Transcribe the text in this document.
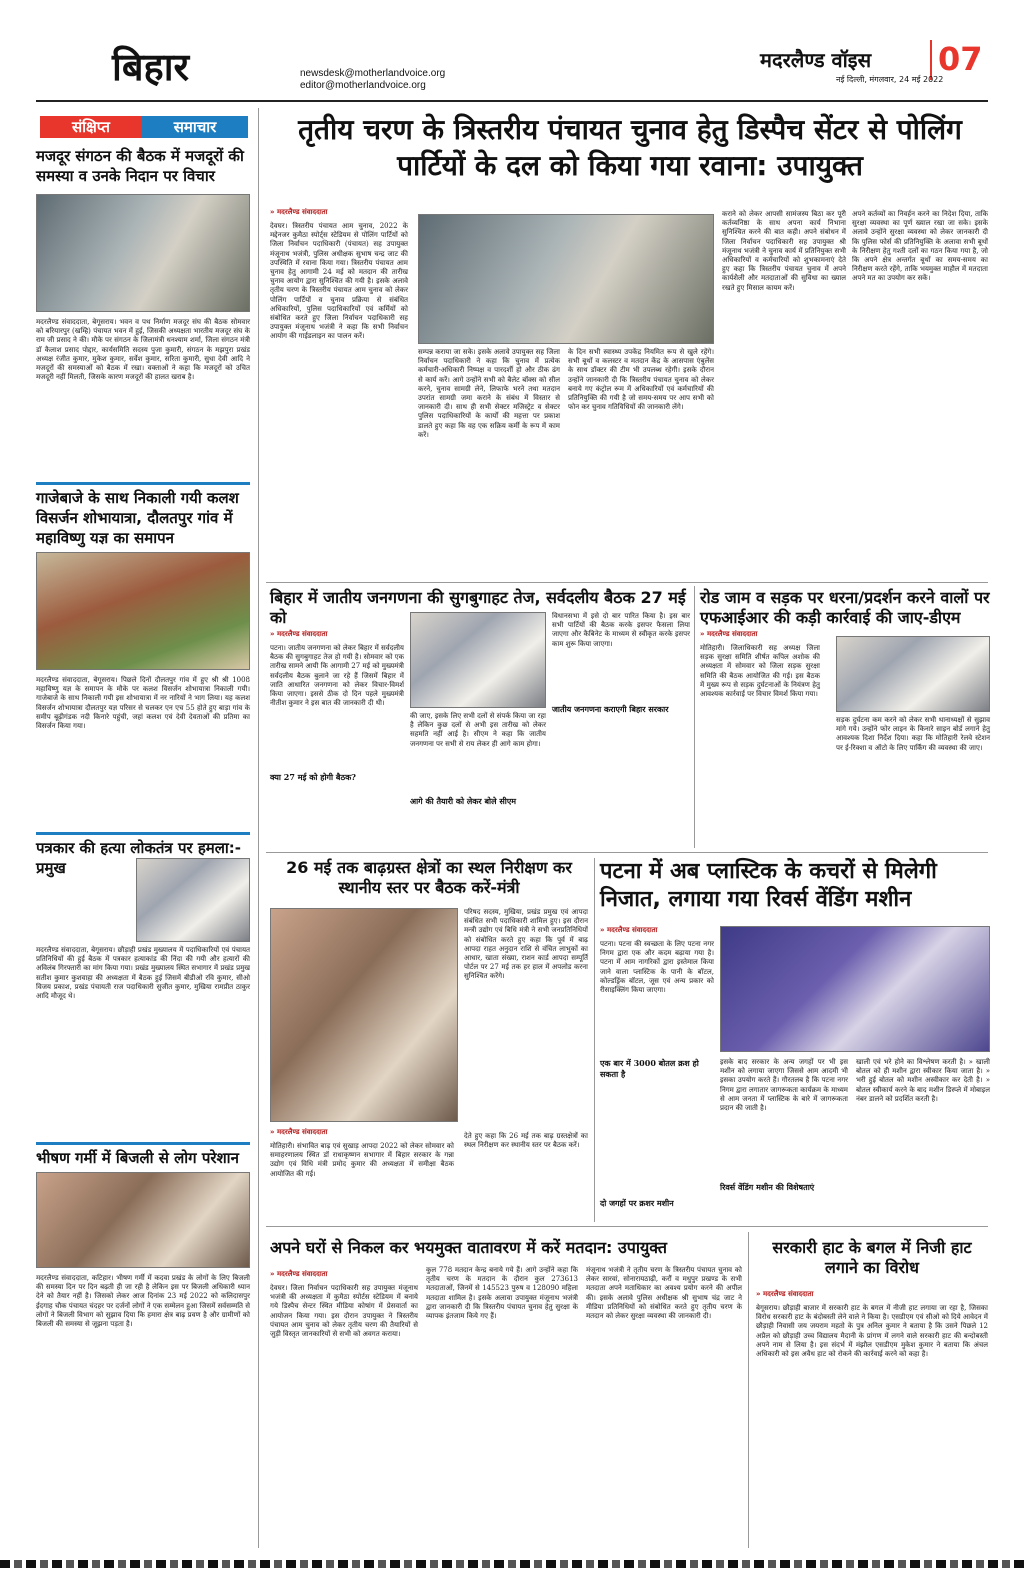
बिहार	newsdesk@motherlandvoice.org
editor@motherlandvoice.org
मदरलैण्ड वॉइस 07
नई दिल्ली, मंगलवार, 24 मई 2022
संक्षिप्त	समाचार
मजदूर संगठन की बैठक में मजदूरों की समस्या व उनके निदान पर विचार
मदरलैण्ड संवाददाता, बेगूसराय। भवन व पथ निर्माण मजदूर संघ की बैठक सोमवार को बरियारपुर (खम्हि) पंचायत भवन में हुई, जिसकी अध्यक्षता भारतीय मजदूर संघ के राम जी प्रसाद ने की। मौके पर संगठन के जिलामंत्री धनश्याम शर्मा, जिला संगठन मंत्री डॉ कैलाश प्रसाद पोद्दार, कार्यसमिति सदस्य पुजा कुमारी, संगठन के मझपुरा प्रखंड अध्यक्ष रंजीत कुमार, मुकेश कुमार, सर्वेश कुमार, सरिता कुमारी, सुधा देवी आदि ने मजदूरों की समस्याओं को बैठक में रखा। वक्ताओं ने कहा कि मजदूरों को उचित मजदूरी नहीं मिलती, जिसके कारण मजदूरों की हालत खराब है।
गाजेबाजे के साथ निकाली गयी कलश विसर्जन शोभायात्रा, दौलतपुर गांव में महाविष्णु यज्ञ का समापन
मदरलैण्ड संवाददाता, बेगूसराय। पिछले दिनों दौलतपुर गांव में हुए श्री श्री 1008 महाविष्णु यज्ञ के समापन के मौके पर कलश विसर्जन शोभायात्रा निकाली गयी। गाजेबाजे के साथ निकाली गयी इस शोभायात्रा में नर नारियों ने भाग लिया। यह कलश विसर्जन शोभायात्रा दौलतपुर यज्ञ परिसर से चलकर एन एच 55 होते हुए बाड़ा गांव के समीप बूढ़ीगंडक नदी किनारे पहुंची, जहां कलश एवं देवी देवताओं की प्रतिमा का विसर्जन किया गया।
पत्रकार की हत्या लोकतंत्र पर हमला:- प्रमुख
मदरलैण्ड संवाददाता, बेगूसराय। छौड़ाही प्रखंड मुख्यालय में पदाधिकारियों एवं पंचायत प्रतिनिधियों की हुई बैठक में पत्रकार हत्याकांड की निंदा की गयी और हत्यारों की अविलंब गिरफ्तारी का मांग किया गया। प्रखंड मुख्यालय स्थित सभागार में प्रखंड प्रमुख सतीश कुमार कुशवाहा की अध्यक्षता में बैठक हुई जिसमें बीडीओ रवि कुमार, सीओ विजय प्रकाश, प्रखंड पंचायती राज पदाधिकारी सुजीत कुमार, मुखिया रामप्रीत ठाकुर आदि मौजूद थे।
भीषण गर्मी में बिजली से लोग परेशान
मदरलैण्ड संवाददाता, कटिहार। भीषण गर्मी में कदवा प्रखंड के लोगों के लिए बिजली की समस्या दिन पर दिन बढ़ती ही जा रही है लेकिन इस पर बिजली अधिकारी ध्यान देने को तैयार नहीं है। जिसको लेकर आज दिनांक 23 मई 2022 को कलिदासपुर ईदगाह चौक पंचायत चंदहर पर दर्जनों लोगों ने एक सम्मेलन हुआ जिसमें सर्वसम्मति से लोगों ने बिजली विभाग को सुझाव दिया कि हमारा क्षेत्र बाढ़ प्रवण है और ग्रामीणों को बिजली की समस्या से जूझना पड़ता है।
तृतीय चरण के त्रिस्तरीय पंचायत चुनाव हेतु डिस्पैच सेंटर से पोलिंग पार्टियों के दल को किया गया रवाना: उपायुक्त
» मदरलैण्ड संवाददाता
देवघर। त्रिस्तरीय पंचायत आम चुनाव, 2022 के मद्देनजर कुमैठा स्पोर्ट्स स्टेडियम से पोलिंग पार्टियों को जिला निर्वाचन पदाधिकारी (पंचायत) सह उपायुक्त मंजूनाथ भजंत्री, पुलिस अधीक्षक सुभाष चन्द्र जाट की उपस्थिति में रवाना किया गया। त्रिस्तरीय पंचायत आम चुनाव हेतु आगामी 24 मई को मतदान की तारीख चुनाव आयोग द्वारा सुनिश्चित की गयी है। इसके अलावे तृतीय चरण के त्रिस्तरीय पंचायत आम चुनाव को लेकर पोलिंग पार्टियों व चुनाव प्रक्रिया से संबंधित अधिकारियों, पुलिस पदाधिकारियों एवं कर्मियों को संबोधित करते हुए जिला निर्वाचन पदाधिकारी सह उपायुक्त मंजूनाथ भजंत्री ने कहा कि सभी निर्वाचन आयोग की गाईडलाइन का पालन करें।
सम्पन्न कराया जा सके। इसके अलावे उपायुक्त सह जिला निर्वाचन पदाधिकारी ने कहा कि चुनाव में प्रत्येक कर्मचारी-अधिकारी निष्पक्ष व पारदर्शी हो और ठीक ढंग से कार्य करें। आगे उन्होंने सभी को बैलेट बॉक्स को सील करने, चुनाव सामग्री लेने, लिफाफे भरने तथा मतदान उपरांत सामग्री जमा कराने के संबंध में विस्तार से जानकारी दी। साथ ही सभी सेक्टर मजिस्ट्रेट व सेक्टर पुलिस पदाधिकारियों के कार्यों की महत्ता पर प्रकाश डालते हुए कहा कि वह एक सक्रिय कर्मी के रूप में काम करें।
के दिन सभी स्वास्थ्य उपकेंद्र नियमित रूप से खुले रहेंगे। सभी बूथों व कलस्टर व मतदान केंद्र के आसपास एंबुलेंस के साथ डॉक्टर की टीम भी उपलब्ध रहेगी। इसके दौरान उन्होंने जानकारी दी कि त्रिस्तरीय पंचायत चुनाव को लेकर बनाये गए कंट्रोल रूम में अधिकारियों एवं कर्मचारियों की प्रतिनियुक्ति की गयी है जो समय-समय पर आप सभी को फोन कर चुनाव गतिविधियों की जानकारी लेंगे।
कराने को लेकर आपसी सामंजस्य बिठा कर पूरी कर्तव्यनिष्ठा के साथ अपना कार्य निभाना सुनिश्चित करने की बात कही। अपने संबोधन में जिला निर्वाचन पदाधिकारी सह उपायुक्त श्री मंजूनाथ भजंत्री ने चुनाव कार्य में प्रतिनियुक्त सभी अधिकारियों व कर्मचारियों को शुभकामनाएं देते हुए कहा कि त्रिस्तरीय पंचायत चुनाव में अपने कार्यशैली और मतदाताओं की सुविधा का ख्याल रखते हुए मिसाल कायम करें।
अपने कर्तव्यों का निवर्हन करने का निदेश दिया, ताकि सुरक्षा व्यवस्था का पूर्ण ख्याल रखा जा सके। इसके अलावे उन्होंने सुरक्षा व्यवस्था को लेकर जानकारी दी कि पुलिस फोर्स की प्रतिनियुक्ति के अलावा सभी बूथों के निरीक्षण हेतु गश्ती दलों का गठन किया गया है, जो कि अपने क्षेत्र अन्तर्गत बूथों का समय-समय का निरीक्षण करते रहेंगे, ताकि भयमुक्त माहौल में मतदाता अपने मत का उपयोग कर सकें।
बिहार में जातीय जनगणना की सुगबुगाहट तेज, सर्वदलीय बैठक 27 मई को
» मदरलैण्ड संवाददाता
पटना। जातीय जनगणना को लेकर बिहार में सर्वदलीय बैठक की सुगबुगाहट तेज हो गयी है। सोमवार को एक तारीख सामने आयी कि आगामी 27 मई को मुख्यमंत्री सर्वदलीय बैठक बुलाने जा रहे हैं जिसमें बिहार में जाति आधारित जनगणना को लेकर विचार-विमर्श किया जाएगा। इससे ठीक दो दिन पहले मुख्यमंत्री नीतीश कुमार ने इस बात की जानकारी दी थी।
क्या 27 मई को होगी बैठक?
की जाए, इसके लिए सभी दलों से संपर्क किया जा रहा है लेकिन कुछ दलों से अभी इस तारीख को लेकर सहमति नहीं आई है। सीएम ने कहा कि जातीय जनगणना पर सभी से राय लेकर ही आगे काम होगा।
आगे की तैयारी को लेकर बोले सीएम
विधानसभा में इसे दो बार पारित किया है। इस बार सभी पार्टियों की बैठक करके इसपर फैसला लिया जाएगा और कैबिनेट के माध्यम से स्वीकृत करके इसपर काम शुरू किया जाएगा।
जातीय जनगणना कराएगी बिहार सरकार
रोड जाम व सड़क पर धरना/प्रदर्शन करने वालों पर एफआईआर की कड़ी कार्रवाई की जाए-डीएम
» मदरलैण्ड संवाददाता
मोतिहारी। जिलाधिकारी सह अध्यक्ष जिला सड़क सुरक्षा समिति शीर्षत कपिल अशोक की अध्यक्षता में सोमवार को जिला सड़क सुरक्षा समिति की बैठक आयोजित की गई। इस बैठक में मुख्य रूप से सड़क दुर्घटनाओं के नियंत्रण हेतु आवश्यक कार्रवाई पर विचार विमर्श किया गया।
सड़क दुर्घटना कम करने को लेकर सभी थानाध्यक्षों से सुझाव मांगे गये। उन्होंने फोर लाइन के किनारे साइन बोर्ड लगाने हेतु आवश्यक दिशा निर्देश दिया। कहा कि मोतिहारी रेलवे स्टेशन पर ई-रिक्शा व ऑटो के लिए पार्किंग की व्यवस्था की जाए।
26 मई तक बाढ़ग्रस्त क्षेत्रों का स्थल निरीक्षण कर स्थानीय स्तर पर बैठक करें-मंत्री
परिषद सदस्य, मुखिया, प्रखंड प्रमुख एवं आपदा संबंधित सभी पदाधिकारी शामिल हुए। इस दौरान मन्त्री उद्योग एवं बिधि मंत्री ने सभी जनप्रतिनिधियों को संबोधित करते हुए कहा कि पूर्व में बाढ़ आपदा राहत अनुदान राशि से वंचित लाभुकों का आधार, खाता संख्या, राशन कार्ड आपदा सम्पूर्ति पोर्टल पर 27 मई तक हर हाल में अपलोड करना सुनिश्चित करेंगे।
» मदरलैण्ड संवाददाता
मोतिहारी। संभावित बाढ़ एवं सुखाड़ आपदा 2022 को लेकर सोमवार को समाहरणालय स्थित डॉ राधाकृष्णन सभागार में बिहार सरकार के गन्ना उद्योग एवं विधि मंत्री प्रमोद कुमार की अध्यक्षता में समीक्षा बैठक आयोजित की गई।
देते हुए कहा कि 26 मई तक बाढ़ ग्रस्तक्षेत्रों का स्थल निरीक्षण कर स्थानीय स्तर पर बैठक करें।
पटना में अब प्लास्टिक के कचरों से मिलेगी निजात, लगाया गया रिवर्स वेंडिंग मशीन
» मदरलैण्ड संवाददाता
पटना। पटना की स्वच्छता के लिए पटना नगर निगम द्वारा एक और कदम बढ़ाया गया है। पटना में आम नागरिकों द्वारा इस्तेमाल किया जाने वाला प्लास्टिक के पानी के बॉटल, कोल्डड्रिंक बॉटल, जूस एवं अन्य प्रकार को रीसाइक्लिंग किया जाएगा।
एक बार में 3000 बोतल क्रश हो सकता है
दो जगहों पर क्रशर मशीन
इसके बाद सरकार के अन्य जगहों पर भी इस मशीन को लगाया जाएगा जिससे आम आदमी भी इसका उपयोग करते हैं। गौरतलब है कि पटना नगर निगम द्वारा लगातार जागरूकता कार्यक्रम के माध्यम से आम जनता में प्लास्टिक के बारे में जागरूकता प्रदान की जाती है।
रिवर्स वेंडिंग मशीन की विशेषताएं
खाली एवं भरे होने का विश्लेषण करती है। » खाली बोतल को ही मशीन द्वारा स्वीकार किया जाता है। » भरी हुई बोतल को मशीन अस्वीकार कर देती है। » बोतल स्वीकार्य करने के बाद मशीन डिस्प्ले में मोबाइल नंबर डालने को प्रदर्शित करती है।
अपने घरों से निकल कर भयमुक्त वातावरण में करें मतदान: उपायुक्त
» मदरलैण्ड संवाददाता
देवघर। जिला निर्वाचन पदाधिकारी सह उपायुक्त मंजूनाथ भजंत्री की अध्यक्षता में कुमैठा स्पोर्टस स्टेडियम में बनाये गये डिस्पैच सेन्टर स्थित मीडिया कोषांग में प्रेसवार्ता का आयोजन किया गया। इस दौरान उपायुक्त ने त्रिस्तरीय पंचायत आम चुनाव को लेकर तृतीय चरण की तैयारियों से जुड़ी विस्तृत जानकारियों से सभी को अवगत कराया।
कुल 778 मतदान केन्द्र बनाये गये हैं। आगे उन्होंने कहा कि तृतीय चरण के मतदान के दौरान कुल 273613 मतदाताओं, जिनमें से 145523 पुरुष व 128090 महिला मतदाता शामिल है। इसके अलावा उपायुक्त मंजूनाथ भजंत्री द्वारा जानकारी दी कि त्रिस्तरीय पंचायत चुनाव हेतु सुरक्षा के व्यापक इंतजाम किये गए हैं।
मंजूनाथ भजंत्री ने तृतीय चरण के त्रिस्तरीय पंचायत चुनाव को लेकर सारवां, सोनारायठाढ़ी, करौं व मधुपुर प्रखण्ड के सभी मतदाता अपने मताधिकार का अवश्य प्रयोग करने की अपील की। इसके अलावे पुलिस अधीक्षक श्री सुभाष चंद्र जाट ने मीडिया प्रतिनिधियों को संबोधित करते हुए तृतीय चरण के मतदान को लेकर सुरक्षा व्यवस्था की जानकारी दी।
सरकारी हाट के बगल में निजी हाट लगाने का विरोध
» मदरलैण्ड संवाददाता
बेगूसराय। छौड़ाही बाजार में सरकारी हाट के बगल में नीजी हाट लगाया जा रहा है, जिसका विरोध सरकारी हाट के बंदोबस्ती लेने वाले ने किया है। एसडीएम एवं सीओ को दिये आवेदन में छौड़ाही निवासी जय जयराम महतो के पुत्र अनिल कुमार ने बताया है कि उसने पिछले 12 अप्रैल को छौड़ाही उच्च विद्यालय मैदानी के प्रांगण में लगने वाले सरकारी हाट की बन्दोबस्ती अपने नाम से लिया है। इस संदर्भ में मंझौल एसडीएम मुकेश कुमार ने बताया कि अंचल अधिकारी को इस अवैध हाट को रोकने की कार्रवाई करने को कहा है।
